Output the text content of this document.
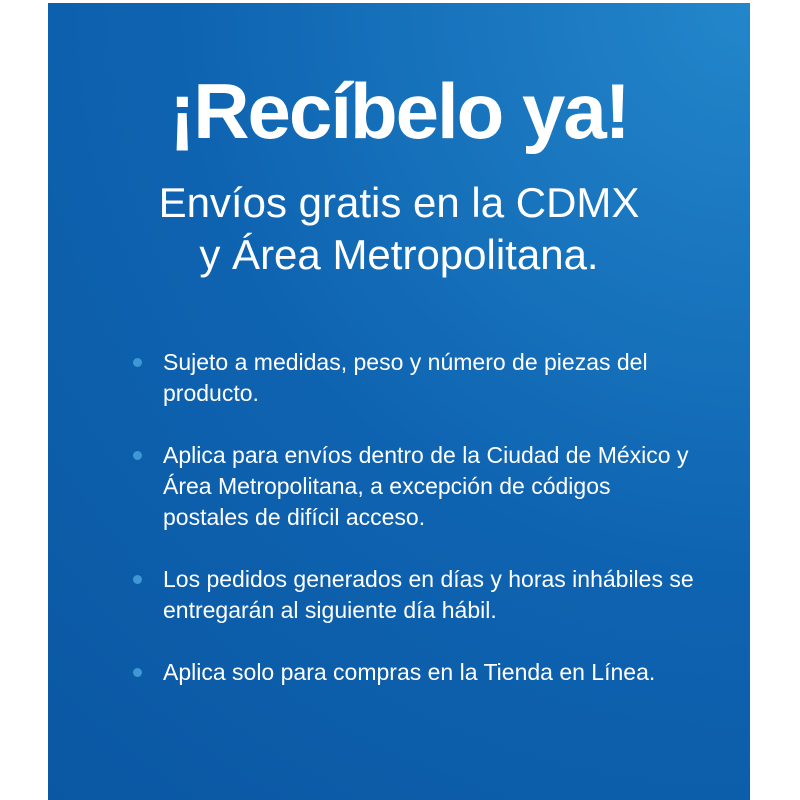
¡Recíbelo ya!
Envíos gratis en la CDMX
y Área Metropolitana.
Sujeto a medidas, peso y número de piezas del
producto.
Aplica para envíos dentro de la Ciudad de México y
Área Metropolitana, a excepción de códigos
postales de difícil acceso.
Los pedidos generados en días y horas inhábiles se
entregarán al siguiente día hábil.
Aplica solo para compras en la Tienda en Línea.
